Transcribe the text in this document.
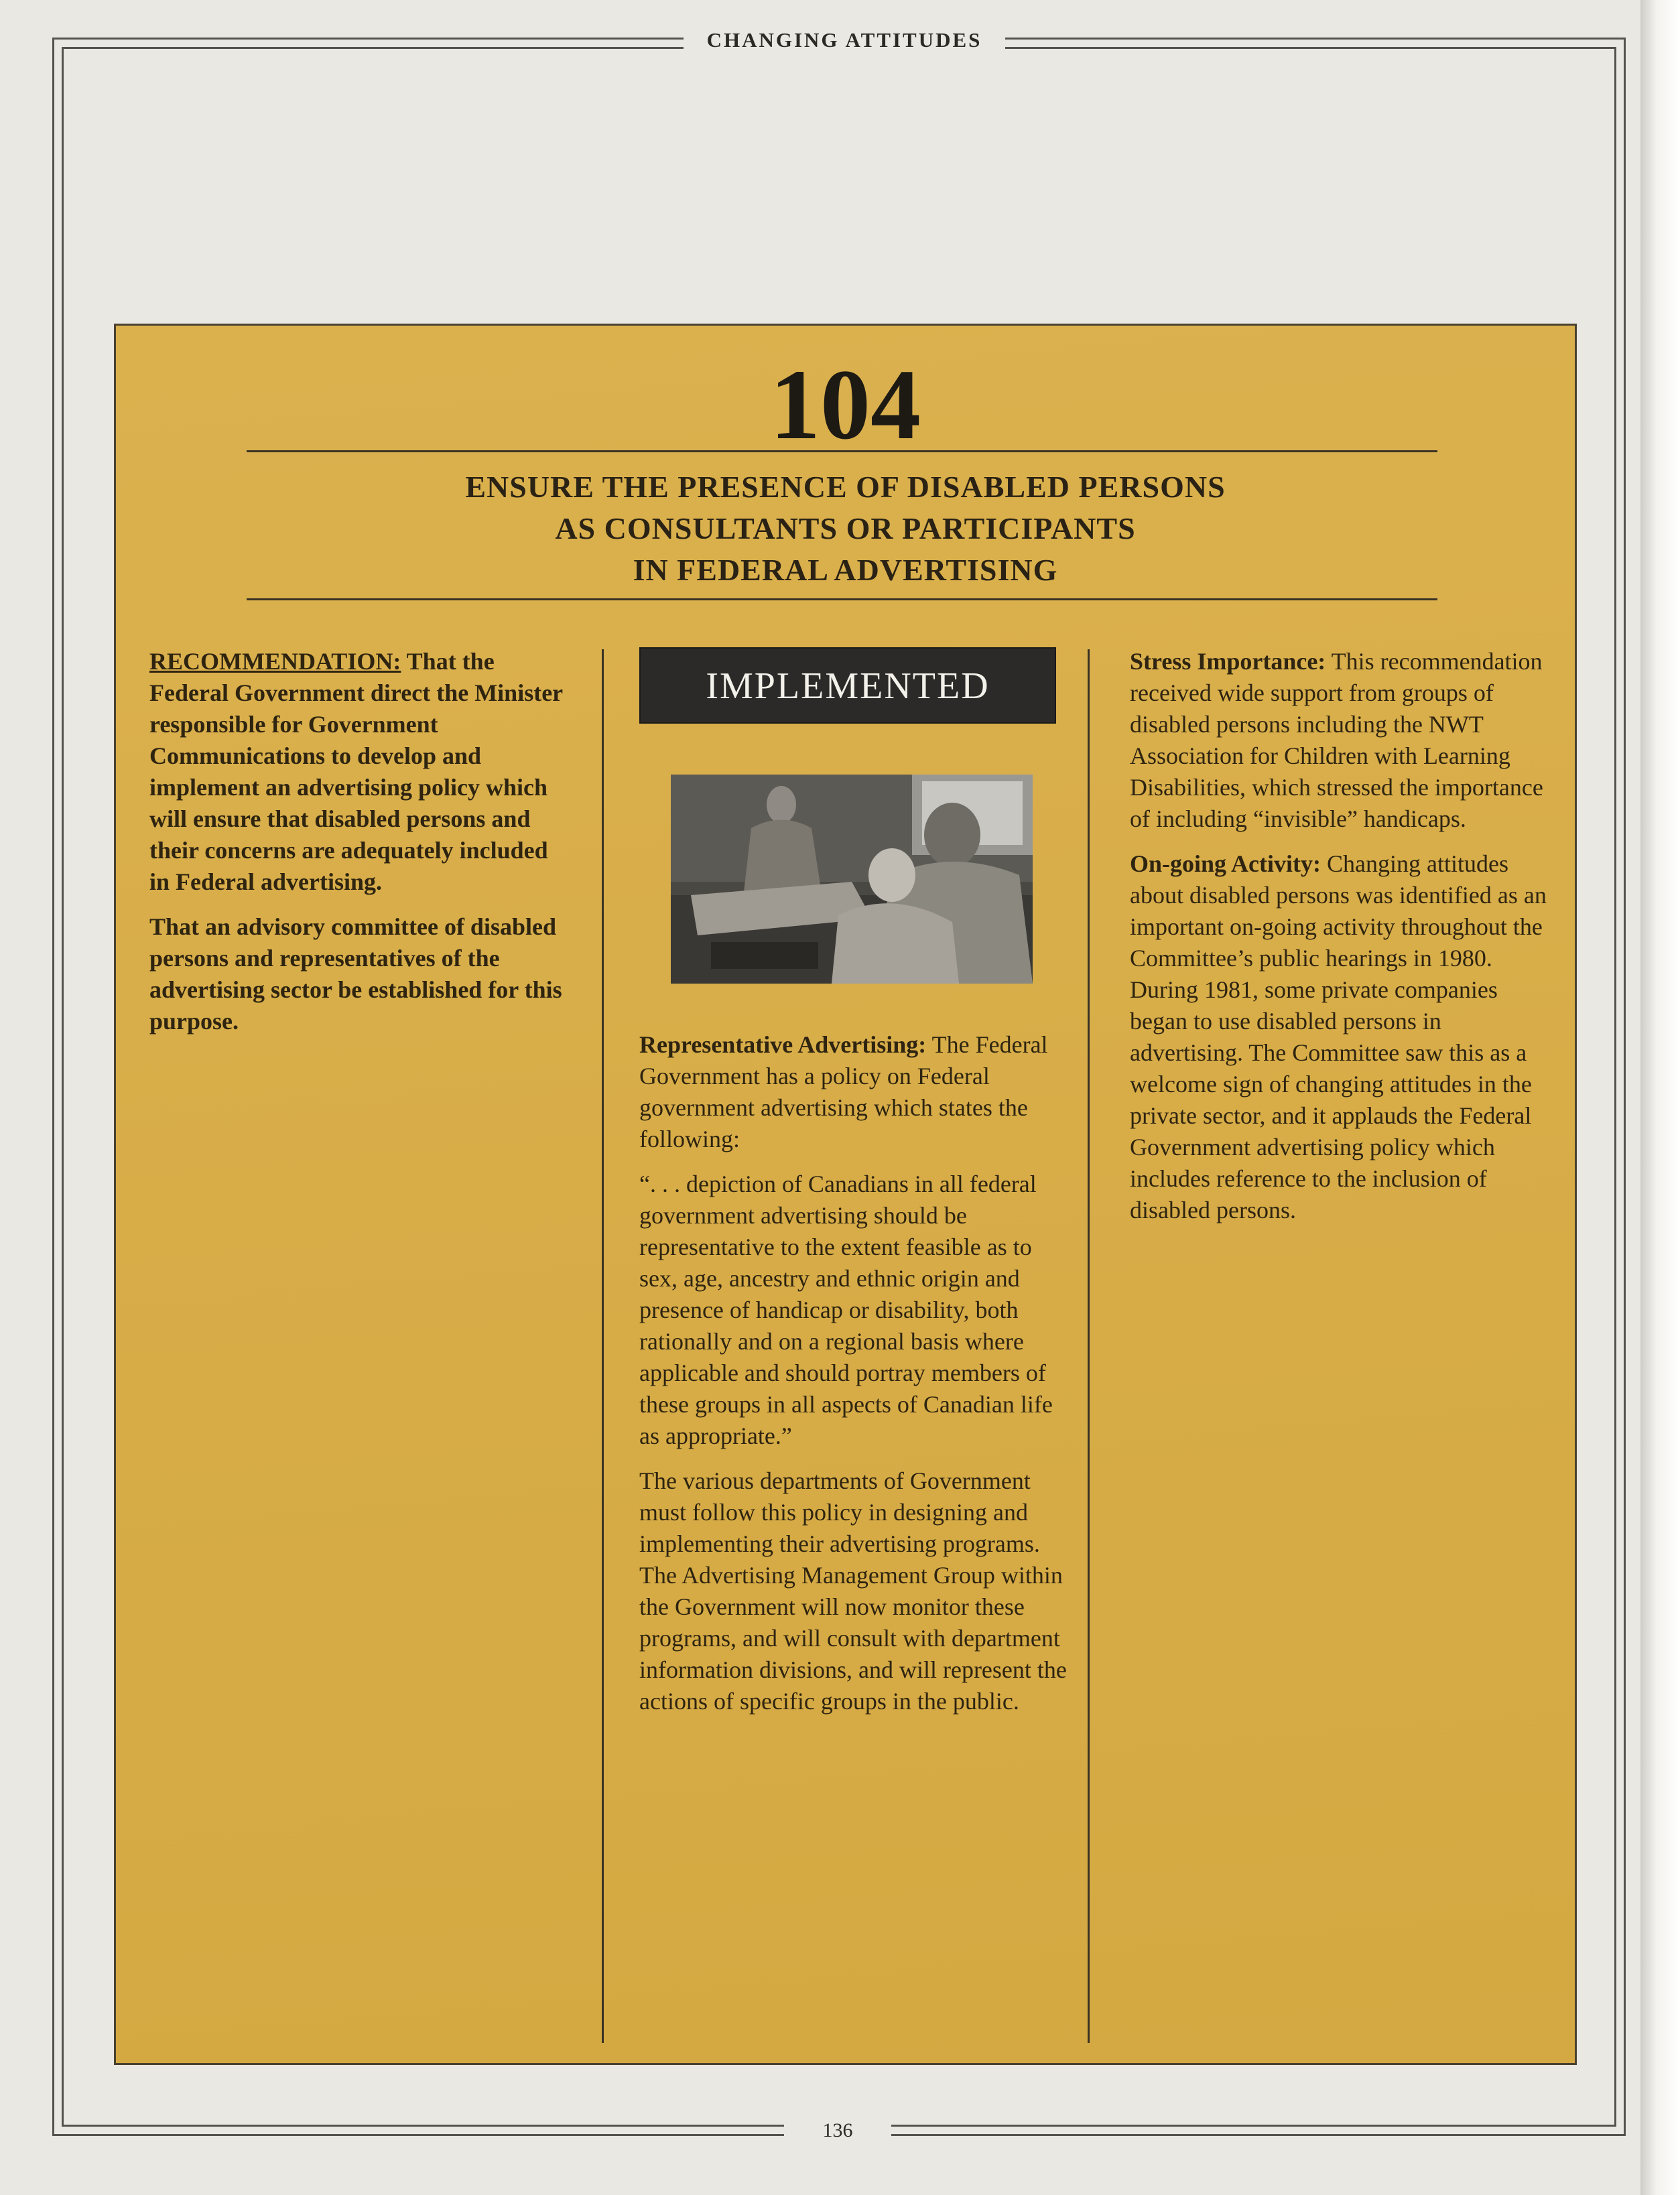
CHANGING ATTITUDES
104
ENSURE THE PRESENCE OF DISABLED PERSONS
AS CONSULTANTS OR PARTICIPANTS
IN FEDERAL ADVERTISING

RECOMMENDATION: That the Federal Government direct the Minister responsible for Government Communications to develop and implement an advertising policy which will ensure that disabled persons and their concerns are adequately included in Federal advertising.

That an advisory committee of disabled persons and representatives of the advertising sector be established for this purpose.

IMPLEMENTED

Representative Advertising: The Federal Government has a policy on Federal government advertising which states the following:

“. . . depiction of Canadians in all federal government advertising should be representative to the extent feasible as to sex, age, ancestry and ethnic origin and presence of handicap or disability, both rationally and on a regional basis where applicable and should portray members of these groups in all aspects of Canadian life as appropriate.”

The various departments of Government must follow this policy in designing and implementing their advertising programs. The Advertising Management Group within the Government will now monitor these programs, and will consult with department information divisions, and will represent the actions of specific groups in the public.

Stress Importance: This recommendation received wide support from groups of disabled persons including the NWT Association for Children with Learning Disabilities, which stressed the importance of including “invisible” handicaps.

On-going Activity: Changing attitudes about disabled persons was identified as an important on-going activity throughout the Committee’s public hearings in 1980. During 1981, some private companies began to use disabled persons in advertising. The Committee saw this as a welcome sign of changing attitudes in the private sector, and it applauds the Federal Government advertising policy which includes reference to the inclusion of disabled persons.

136
